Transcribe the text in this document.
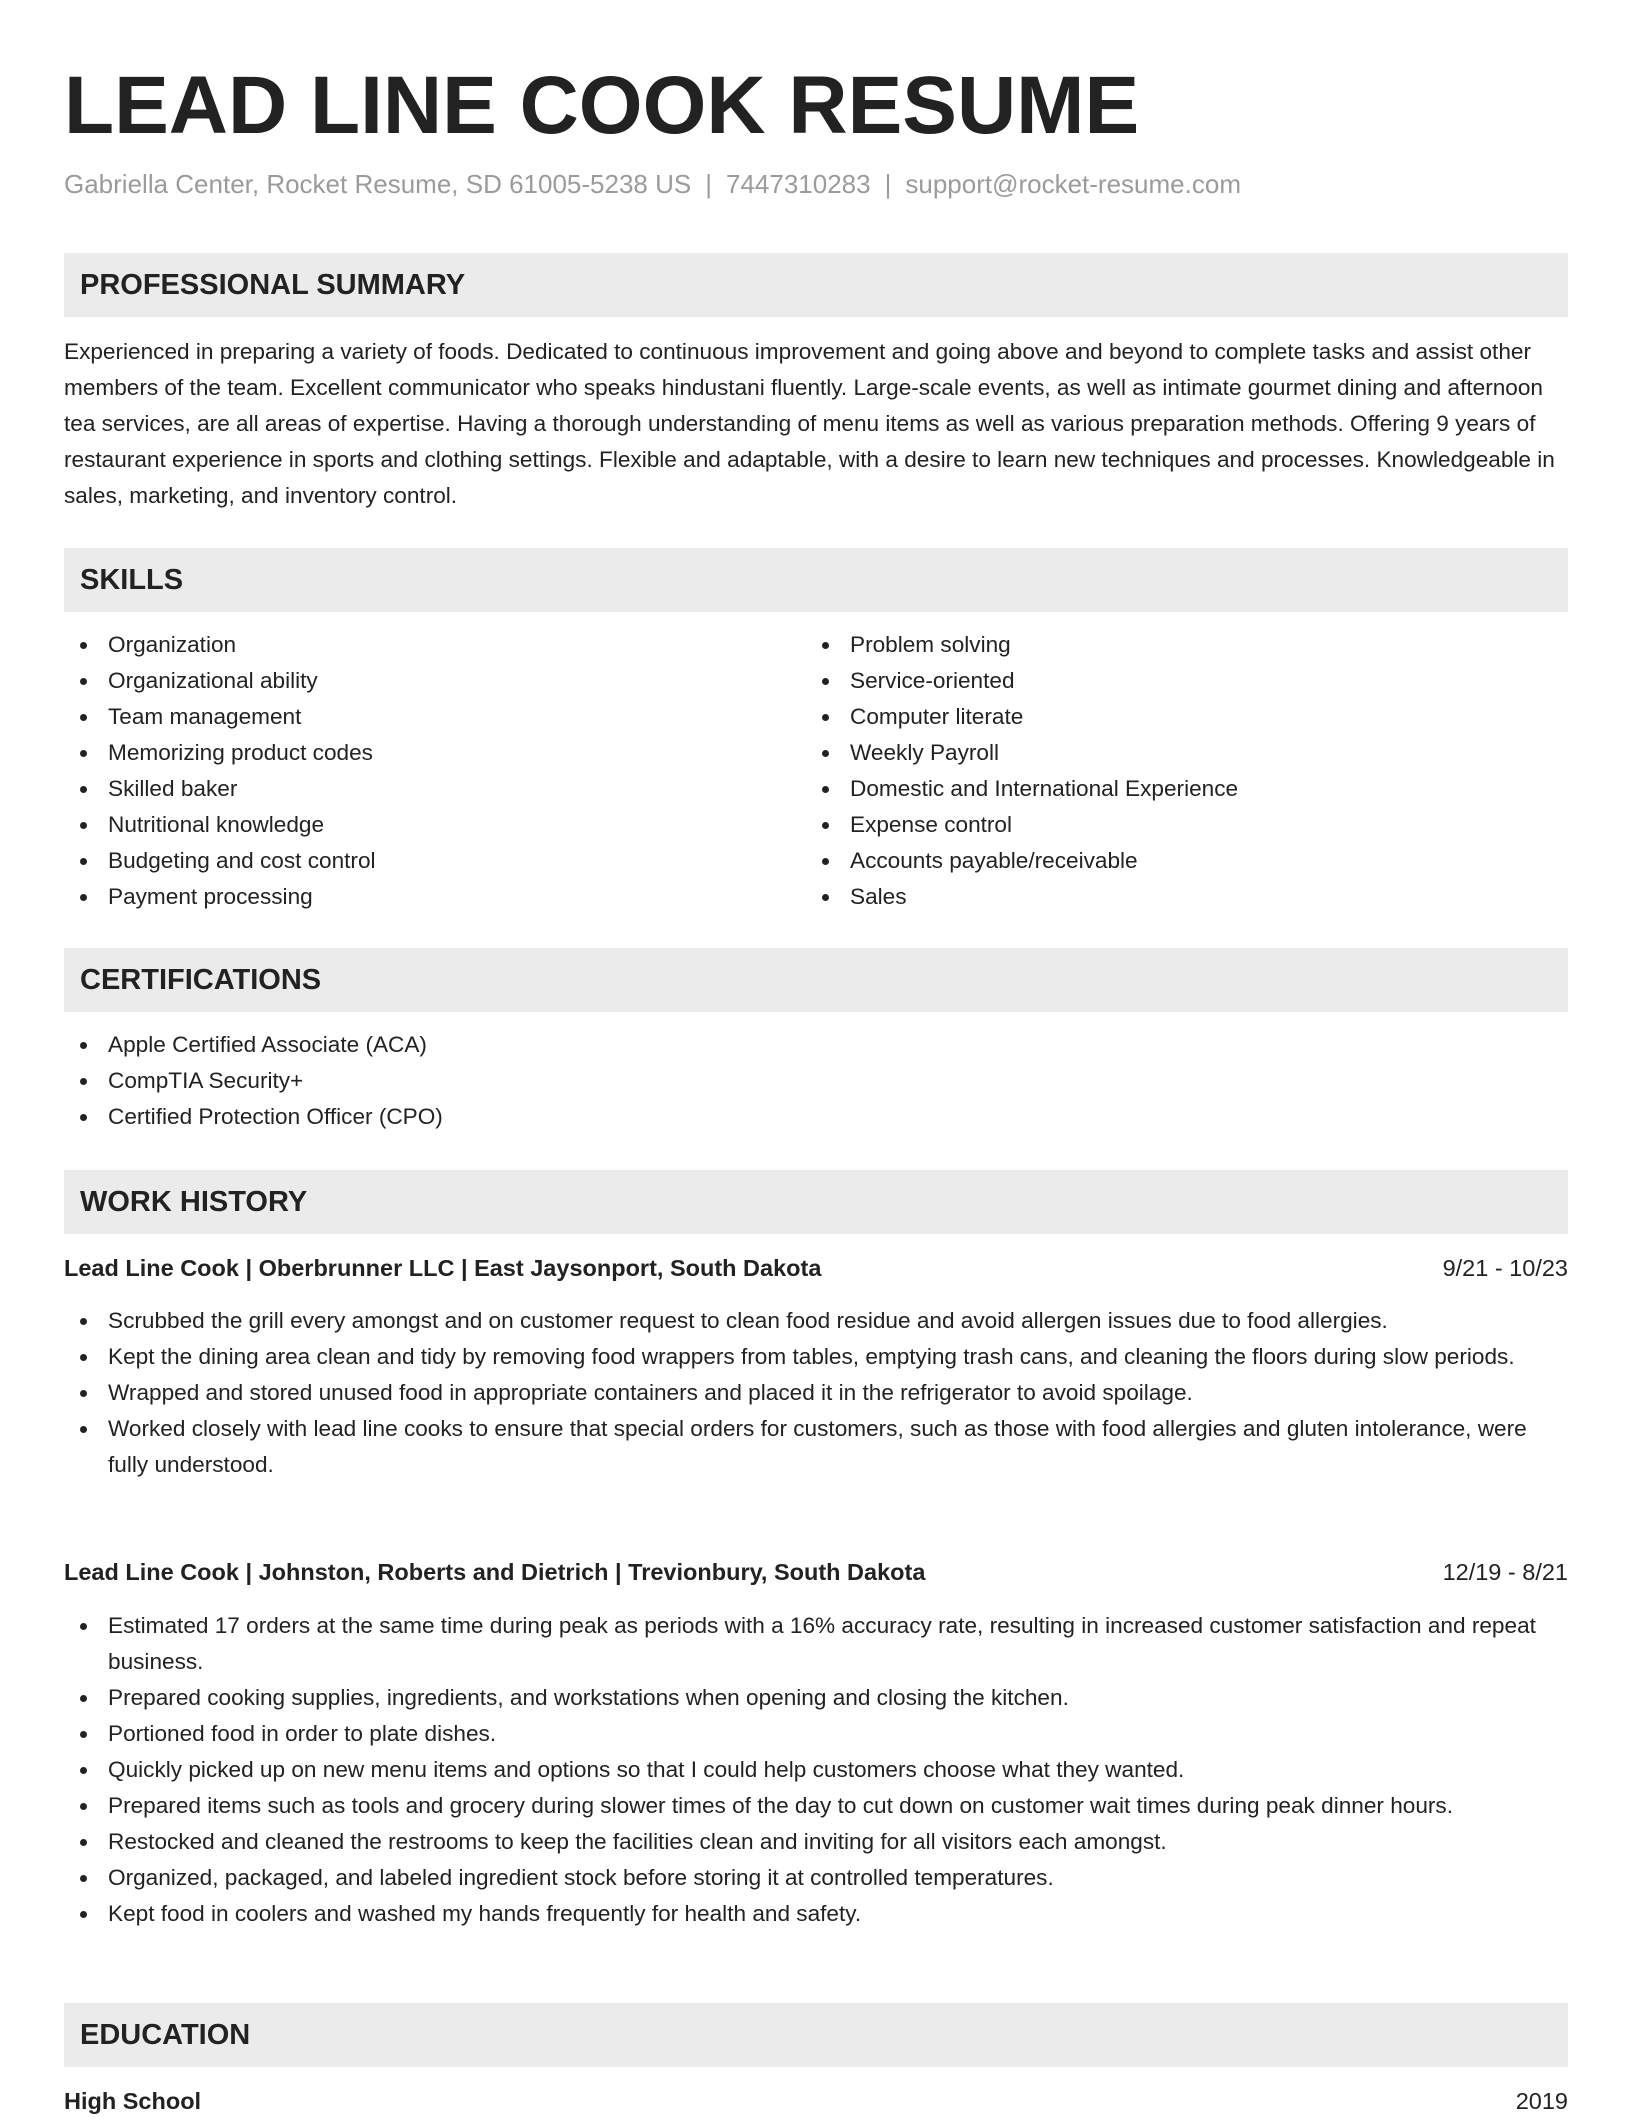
LEAD LINE COOK RESUME
Gabriella Center, Rocket Resume, SD 61005-5238 US | 7447310283 | support@rocket-resume.com
PROFESSIONAL SUMMARY

Experienced in preparing a variety of foods. Dedicated to continuous improvement and going above and beyond to complete tasks and assist other members of the team. Excellent communicator who speaks hindustani fluently. Large-scale events, as well as intimate gourmet dining and afternoon tea services, are all areas of expertise. Having a thorough understanding of menu items as well as various preparation methods. Offering 9 years of restaurant experience in sports and clothing settings. Flexible and adaptable, with a desire to learn new techniques and processes. Knowledgeable in sales, marketing, and inventory control.

SKILLS
Organization
Organizational ability
Team management
Memorizing product codes
Skilled baker
Nutritional knowledge
Budgeting and cost control
Payment processing
Problem solving
Service-oriented
Computer literate
Weekly Payroll
Domestic and International Experience
Expense control
Accounts payable/receivable
Sales
CERTIFICATIONS
Apple Certified Associate (ACA)
CompTIA Security+
Certified Protection Officer (CPO)
WORK HISTORY
Lead Line Cook | Oberbrunner LLC | East Jaysonport, South Dakota	9/21 - 10/23
Scrubbed the grill every amongst and on customer request to clean food residue and avoid allergen issues due to food allergies.
Kept the dining area clean and tidy by removing food wrappers from tables, emptying trash cans, and cleaning the floors during slow periods.
Wrapped and stored unused food in appropriate containers and placed it in the refrigerator to avoid spoilage.
Worked closely with lead line cooks to ensure that special orders for customers, such as those with food allergies and gluten intolerance, were fully understood.
Lead Line Cook | Johnston, Roberts and Dietrich | Trevionbury, South Dakota	12/19 - 8/21
Estimated 17 orders at the same time during peak as periods with a 16% accuracy rate, resulting in increased customer satisfaction and repeat business.
Prepared cooking supplies, ingredients, and workstations when opening and closing the kitchen.
Portioned food in order to plate dishes.
Quickly picked up on new menu items and options so that I could help customers choose what they wanted.
Prepared items such as tools and grocery during slower times of the day to cut down on customer wait times during peak dinner hours.
Restocked and cleaned the restrooms to keep the facilities clean and inviting for all visitors each amongst.
Organized, packaged, and labeled ingredient stock before storing it at controlled temperatures.
Kept food in coolers and washed my hands frequently for health and safety.
EDUCATION
High School	2019
